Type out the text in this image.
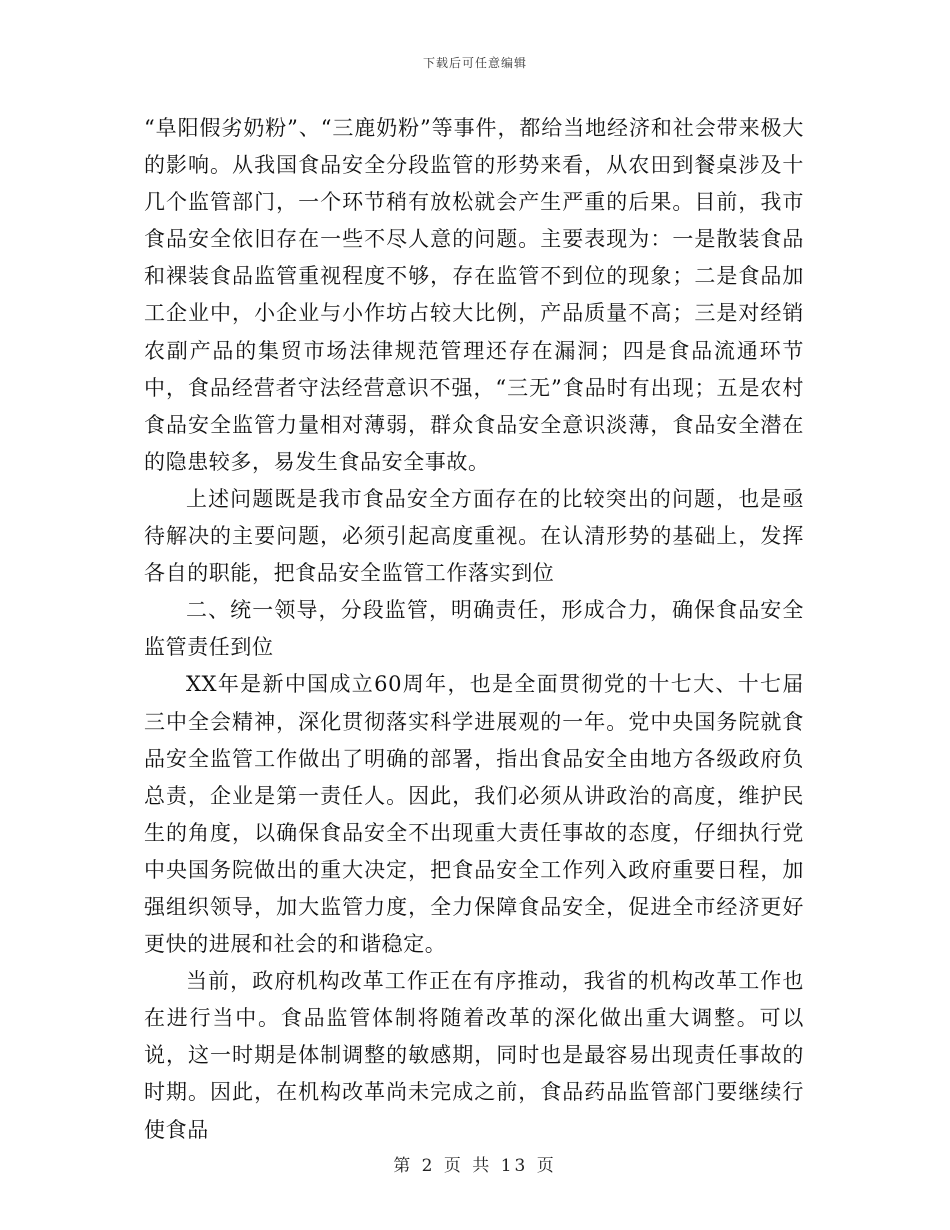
下载后可任意编辑

“阜阳假劣奶粉”、“三鹿奶粉”等事件，都给当地经济和社会带来极大的影响。从我国食品安全分段监管的形势来看，从农田到餐桌涉及十几个监管部门，一个环节稍有放松就会产生严重的后果。目前，我市食品安全依旧存在一些不尽人意的问题。主要表现为：一是散装食品和裸装食品监管重视程度不够，存在监管不到位的现象；二是食品加工企业中，小企业与小作坊占较大比例，产品质量不高；三是对经销农副产品的集贸市场法律规范管理还存在漏洞；四是食品流通环节中，食品经营者守法经营意识不强，“三无”食品时有出现；五是农村食品安全监管力量相对薄弱，群众食品安全意识淡薄，食品安全潜在的隐患较多，易发生食品安全事故。

上述问题既是我市食品安全方面存在的比较突出的问题，也是亟待解决的主要问题，必须引起高度重视。在认清形势的基础上，发挥各自的职能，把食品安全监管工作落实到位

二、统一领导，分段监管，明确责任，形成合力，确保食品安全监管责任到位

XX年是新中国成立60周年，也是全面贯彻党的十七大、十七届三中全会精神，深化贯彻落实科学进展观的一年。党中央国务院就食品安全监管工作做出了明确的部署，指出食品安全由地方各级政府负总责，企业是第一责任人。因此，我们必须从讲政治的高度，维护民生的角度，以确保食品安全不出现重大责任事故的态度，仔细执行党中央国务院做出的重大决定，把食品安全工作列入政府重要日程，加强组织领导，加大监管力度，全力保障食品安全，促进全市经济更好更快的进展和社会的和谐稳定。

当前，政府机构改革工作正在有序推动，我省的机构改革工作也在进行当中。食品监管体制将随着改革的深化做出重大调整。可以说，这一时期是体制调整的敏感期，同时也是最容易出现责任事故的时期。因此，在机构改革尚未完成之前，食品药品监管部门要继续行使食品

第 2 页 共 13 页
